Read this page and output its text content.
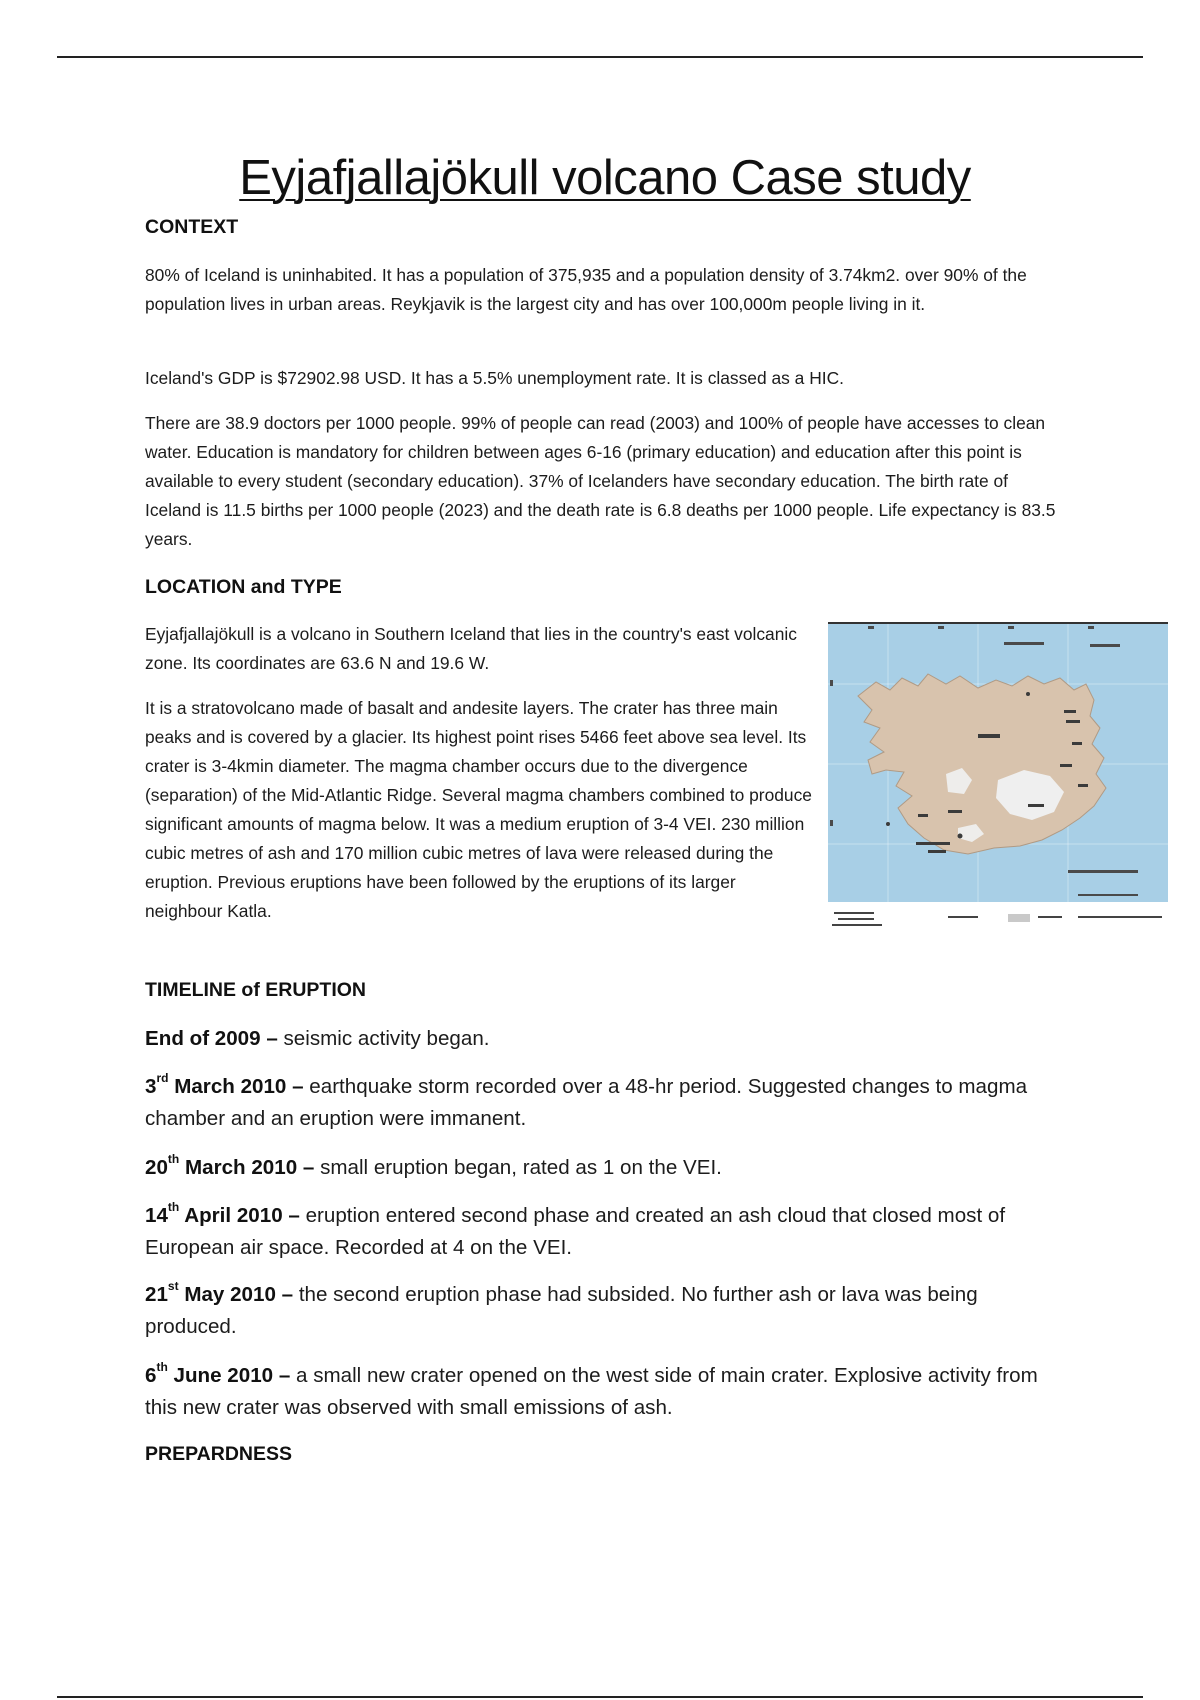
Eyjafjallajökull volcano Case study
CONTEXT

80% of Iceland is uninhabited. It has a population of 375,935 and a population density of 3.74km2. over 90% of the population lives in urban areas. Reykjavik is the largest city and has over 100,000m people living in it.

Iceland's GDP is $72902.98 USD. It has a 5.5% unemployment rate. It is classed as a HIC.

There are 38.9 doctors per 1000 people. 99% of people can read (2003) and 100% of people have accesses to clean water. Education is mandatory for children between ages 6-16 (primary education) and education after this point is available to every student (secondary education). 37% of Icelanders have secondary education. The birth rate of Iceland is 11.5 births per 1000 people (2023) and the death rate is 6.8 deaths per 1000 people. Life expectancy is 83.5 years.

LOCATION and TYPE

Eyjafjallajökull is a volcano in Southern Iceland that lies in the country's east volcanic zone. Its coordinates are 63.6 N and 19.6 W.

It is a stratovolcano made of basalt and andesite layers. The crater has three main peaks and is covered by a glacier. Its highest point rises 5466 feet above sea level. Its crater is 3-4kmin diameter. The magma chamber occurs due to the divergence (separation) of the Mid-Atlantic Ridge. Several magma chambers combined to produce significant amounts of magma below. It was a medium eruption of 3-4 VEI. 230 million cubic metres of ash and 170 million cubic metres of lava were released during the eruption. Previous eruptions have been followed by the eruptions of its larger neighbour Katla.

TIMELINE of ERUPTION

End of 2009 – seismic activity began.

3rd March 2010 – earthquake storm recorded over a 48-hr period. Suggested changes to magma chamber and an eruption were immanent.

20th March 2010 – small eruption began, rated as 1 on the VEI.

14th April 2010 – eruption entered second phase and created an ash cloud that closed most of European air space. Recorded at 4 on the VEI.

21st May 2010 – the second eruption phase had subsided. No further ash or lava was being produced.

6th June 2010 – a small new crater opened on the west side of main crater. Explosive activity from this new crater was observed with small emissions of ash.

PREPARDNESS
